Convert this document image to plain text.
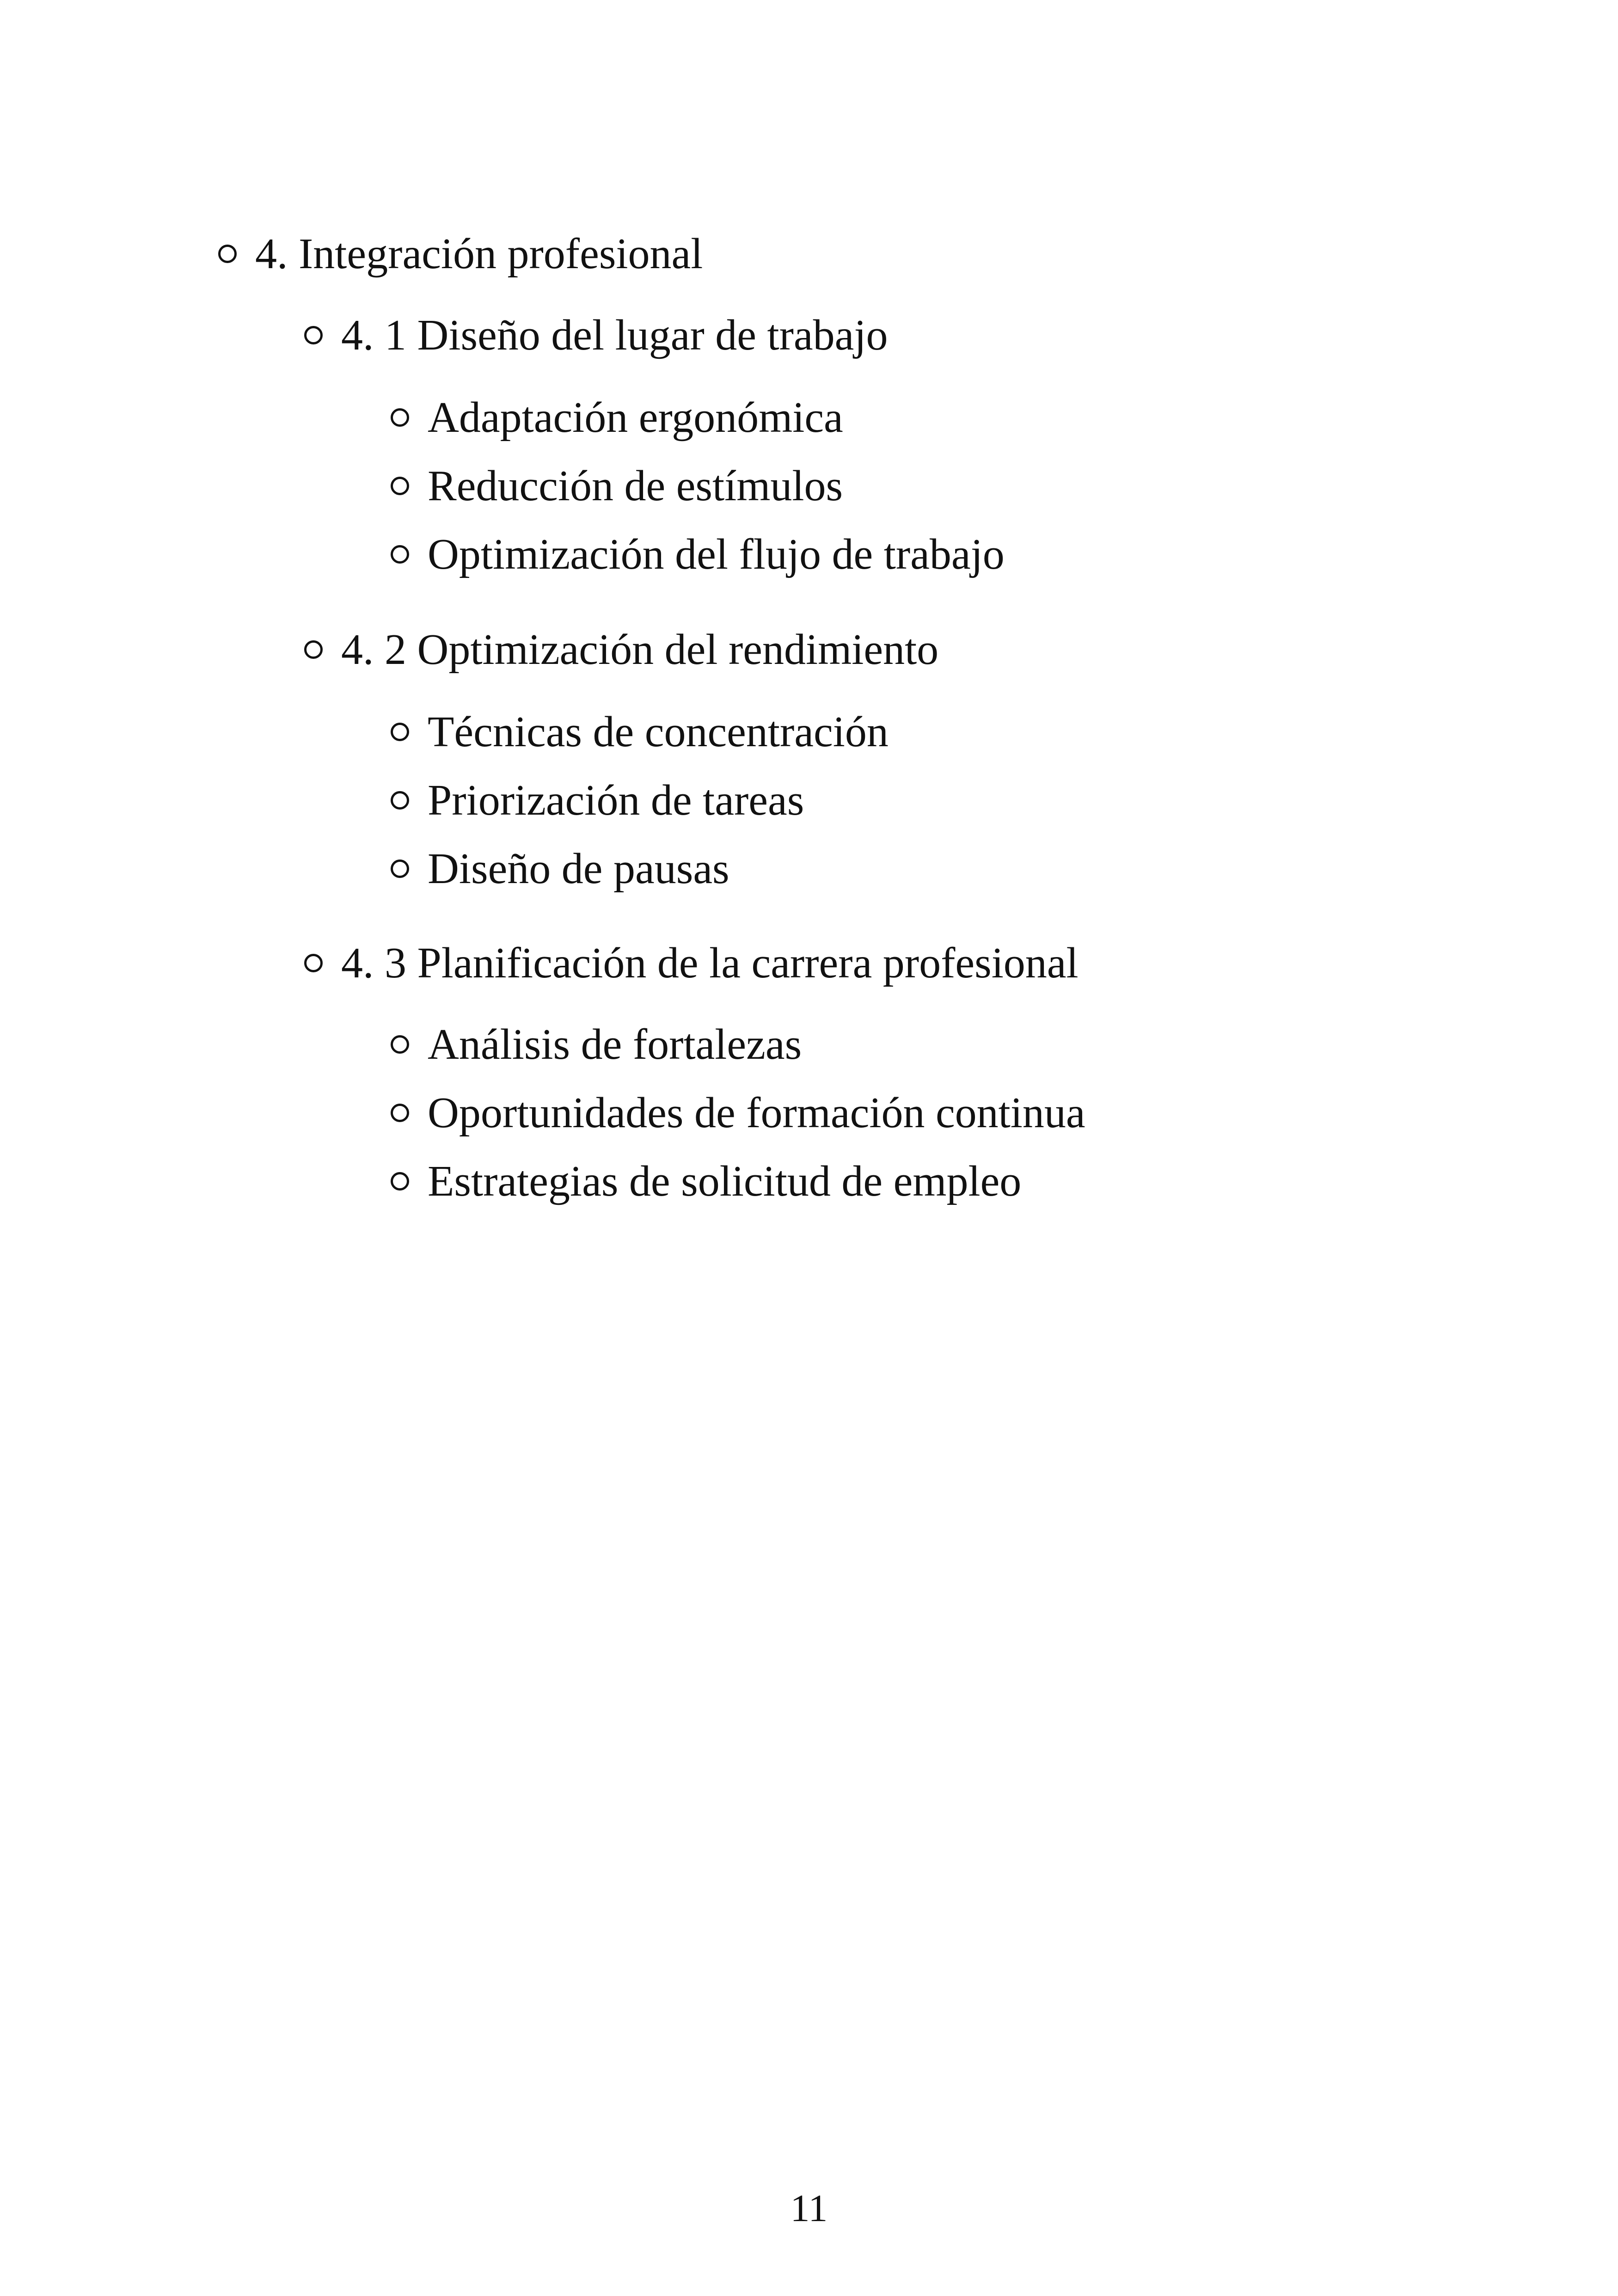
4. Integración profesional
4. 1 Diseño del lugar de trabajo
Adaptación ergonómica
Reducción de estímulos
Optimización del flujo de trabajo
4. 2 Optimización del rendimiento
Técnicas de concentración
Priorización de tareas
Diseño de pausas
4. 3 Planificación de la carrera profesional
Análisis de fortalezas
Oportunidades de formación continua
Estrategias de solicitud de empleo
11
